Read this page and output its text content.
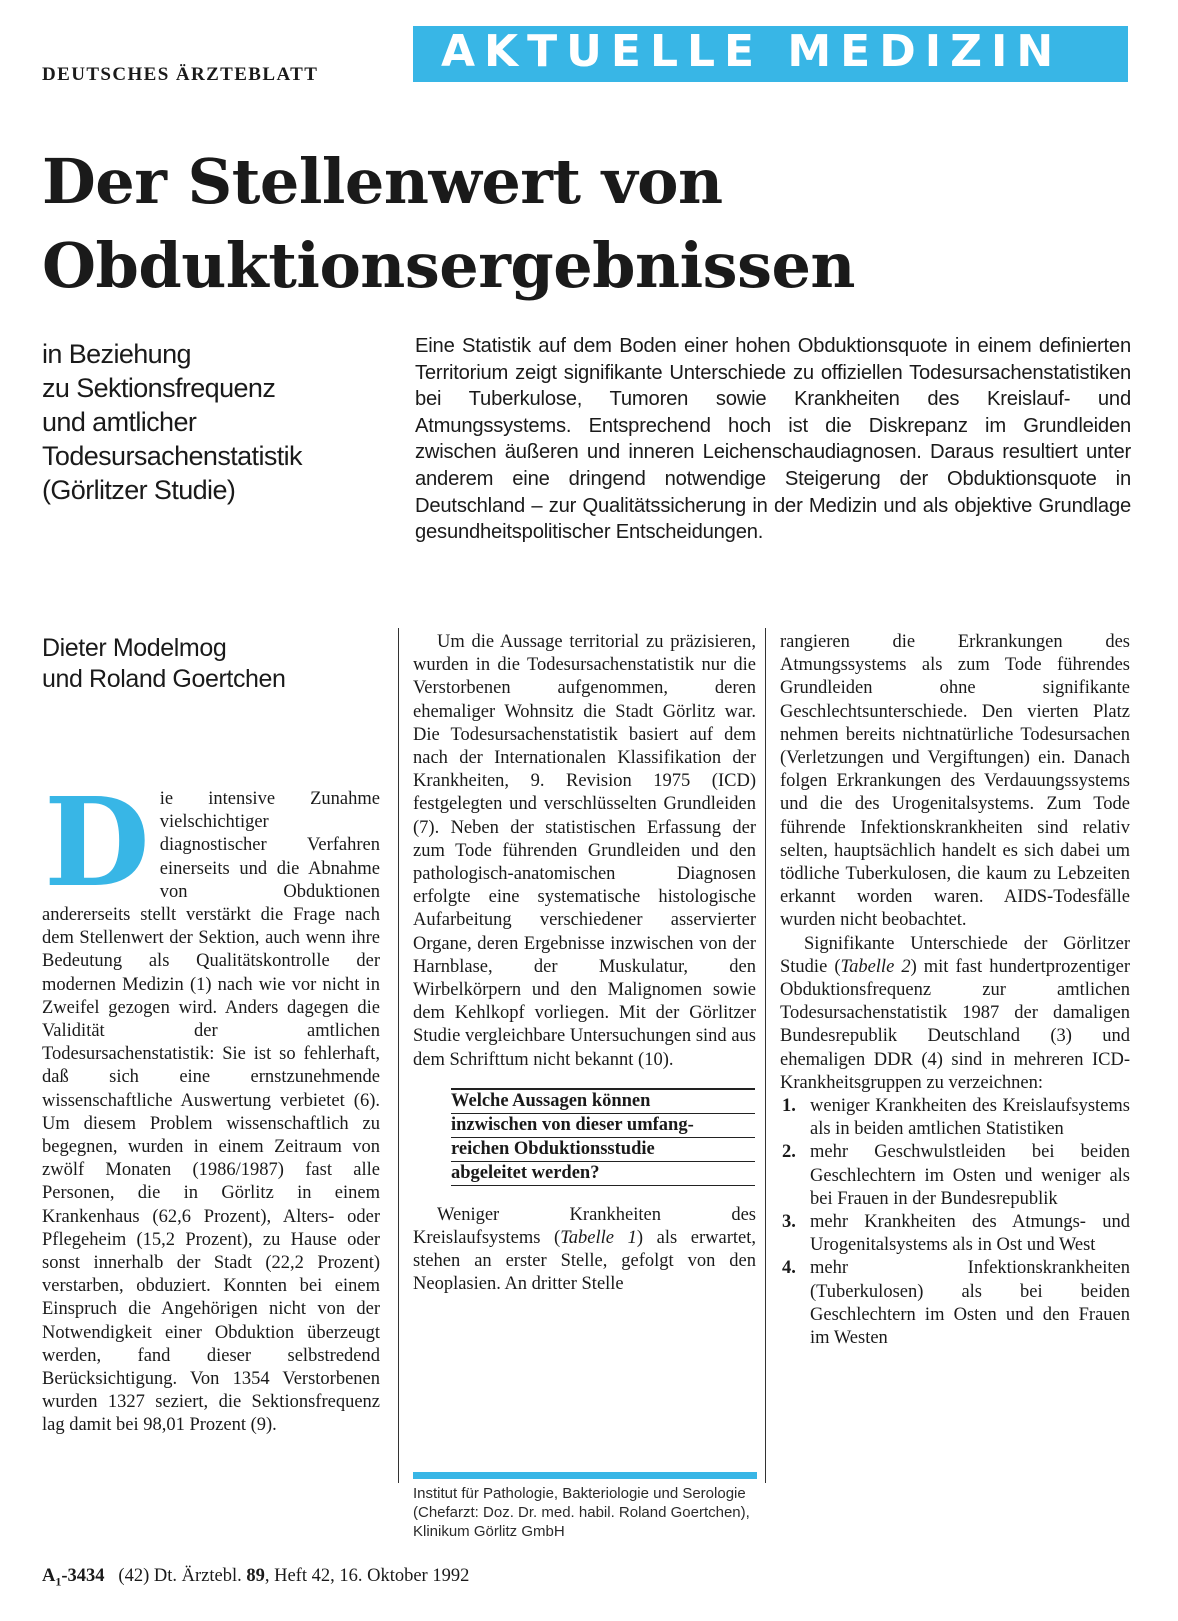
DEUTSCHES ÄRZTEBLATT	AKTUELLE MEDIZIN
Der Stellenwert von
Obduktionsergebnissen
in Beziehung
zu Sektionsfrequenz
und amtlicher
Todesursachenstatistik
(Görlitzer Studie)
Eine Statistik auf dem Boden einer hohen Obduktionsquote in einem definierten Territorium zeigt signifikante Unterschiede zu offiziellen Todesursachenstatistiken bei Tuberkulose, Tumoren sowie Krankheiten des Kreislauf- und Atmungssystems. Entsprechend hoch ist die Diskrepanz im Grundleiden zwischen äußeren und inneren Leichenschaudiagnosen. Daraus resultiert unter anderem eine dringend notwendige Steigerung der Obduktionsquote in Deutschland – zur Qualitätssicherung in der Medizin und als objektive Grundlage gesundheitspolitischer Entscheidungen.
Dieter Modelmog
und Roland Goertchen

Die intensive Zunahme vielschichtiger diagnostischer Verfahren einerseits und die Abnahme von Obduktionen andererseits stellt verstärkt die Frage nach dem Stellenwert der Sektion, auch wenn ihre Bedeutung als Qualitätskontrolle der modernen Medizin (1) nach wie vor nicht in Zweifel gezogen wird. Anders dagegen die Validität der amtlichen Todesursachenstatistik: Sie ist so fehlerhaft, daß sich eine ernstzunehmende wissenschaftliche Auswertung verbietet (6). Um diesem Problem wissenschaftlich zu begegnen, wurden in einem Zeitraum von zwölf Monaten (1986/1987) fast alle Personen, die in Görlitz in einem Krankenhaus (62,6 Prozent), Alters- oder Pflegeheim (15,2 Prozent), zu Hause oder sonst innerhalb der Stadt (22,2 Prozent) verstarben, obduziert. Konnten bei einem Einspruch die Angehörigen nicht von der Notwendigkeit einer Obduktion überzeugt werden, fand dieser selbstredend Berücksichtigung. Von 1354 Verstorbenen wurden 1327 seziert, die Sektionsfrequenz lag damit bei 98,01 Prozent (9).

Um die Aussage territorial zu präzisieren, wurden in die Todesursachenstatistik nur die Verstorbenen aufgenommen, deren ehemaliger Wohnsitz die Stadt Görlitz war. Die Todesursachenstatistik basiert auf dem nach der Internationalen Klassifikation der Krankheiten, 9. Revision 1975 (ICD) festgelegten und verschlüsselten Grundleiden (7). Neben der statistischen Erfassung der zum Tode führenden Grundleiden und den pathologisch-anatomischen Diagnosen erfolgte eine systematische histologische Aufarbeitung verschiedener asservierter Organe, deren Ergebnisse inzwischen von der Harnblase, der Muskulatur, den Wirbelkörpern und den Malignomen sowie dem Kehlkopf vorliegen. Mit der Görlitzer Studie vergleichbare Untersuchungen sind aus dem Schrifttum nicht bekannt (10).

Welche Aussagen können
inzwischen von dieser umfang-
reichen Obduktionsstudie
abgeleitet werden?

Weniger Krankheiten des Kreislaufsystems (Tabelle 1) als erwartet, stehen an erster Stelle, gefolgt von den Neoplasien. An dritter Stelle

Institut für Pathologie, Bakteriologie und Serologie (Chefarzt: Doz. Dr. med. habil. Roland Goertchen), Klinikum Görlitz GmbH

rangieren die Erkrankungen des Atmungssystems als zum Tode führendes Grundleiden ohne signifikante Geschlechtsunterschiede. Den vierten Platz nehmen bereits nichtnatürliche Todesursachen (Verletzungen und Vergiftungen) ein. Danach folgen Erkrankungen des Verdauungssystems und die des Urogenitalsystems. Zum Tode führende Infektionskrankheiten sind relativ selten, hauptsächlich handelt es sich dabei um tödliche Tuberkulosen, die kaum zu Lebzeiten erkannt worden waren. AIDS-Todesfälle wurden nicht beobachtet.

Signifikante Unterschiede der Görlitzer Studie (Tabelle 2) mit fast hundertprozentiger Obduktionsfrequenz zur amtlichen Todesursachenstatistik 1987 der damaligen Bundesrepublik Deutschland (3) und ehemaligen DDR (4) sind in mehreren ICD-Krankheitsgruppen zu verzeichnen:

1. weniger Krankheiten des Kreislaufsystems als in beiden amtlichen Statistiken
2. mehr Geschwulstleiden bei beiden Geschlechtern im Osten und weniger als bei Frauen in der Bundesrepublik
3. mehr Krankheiten des Atmungs- und Urogenitalsystems als in Ost und West
4. mehr Infektionskrankheiten (Tuberkulosen) als bei beiden Geschlechtern im Osten und den Frauen im Westen
$A_1-3434$ (42) Dt. Ärztebl. 89, Heft 42, 16. Oktober 1992
